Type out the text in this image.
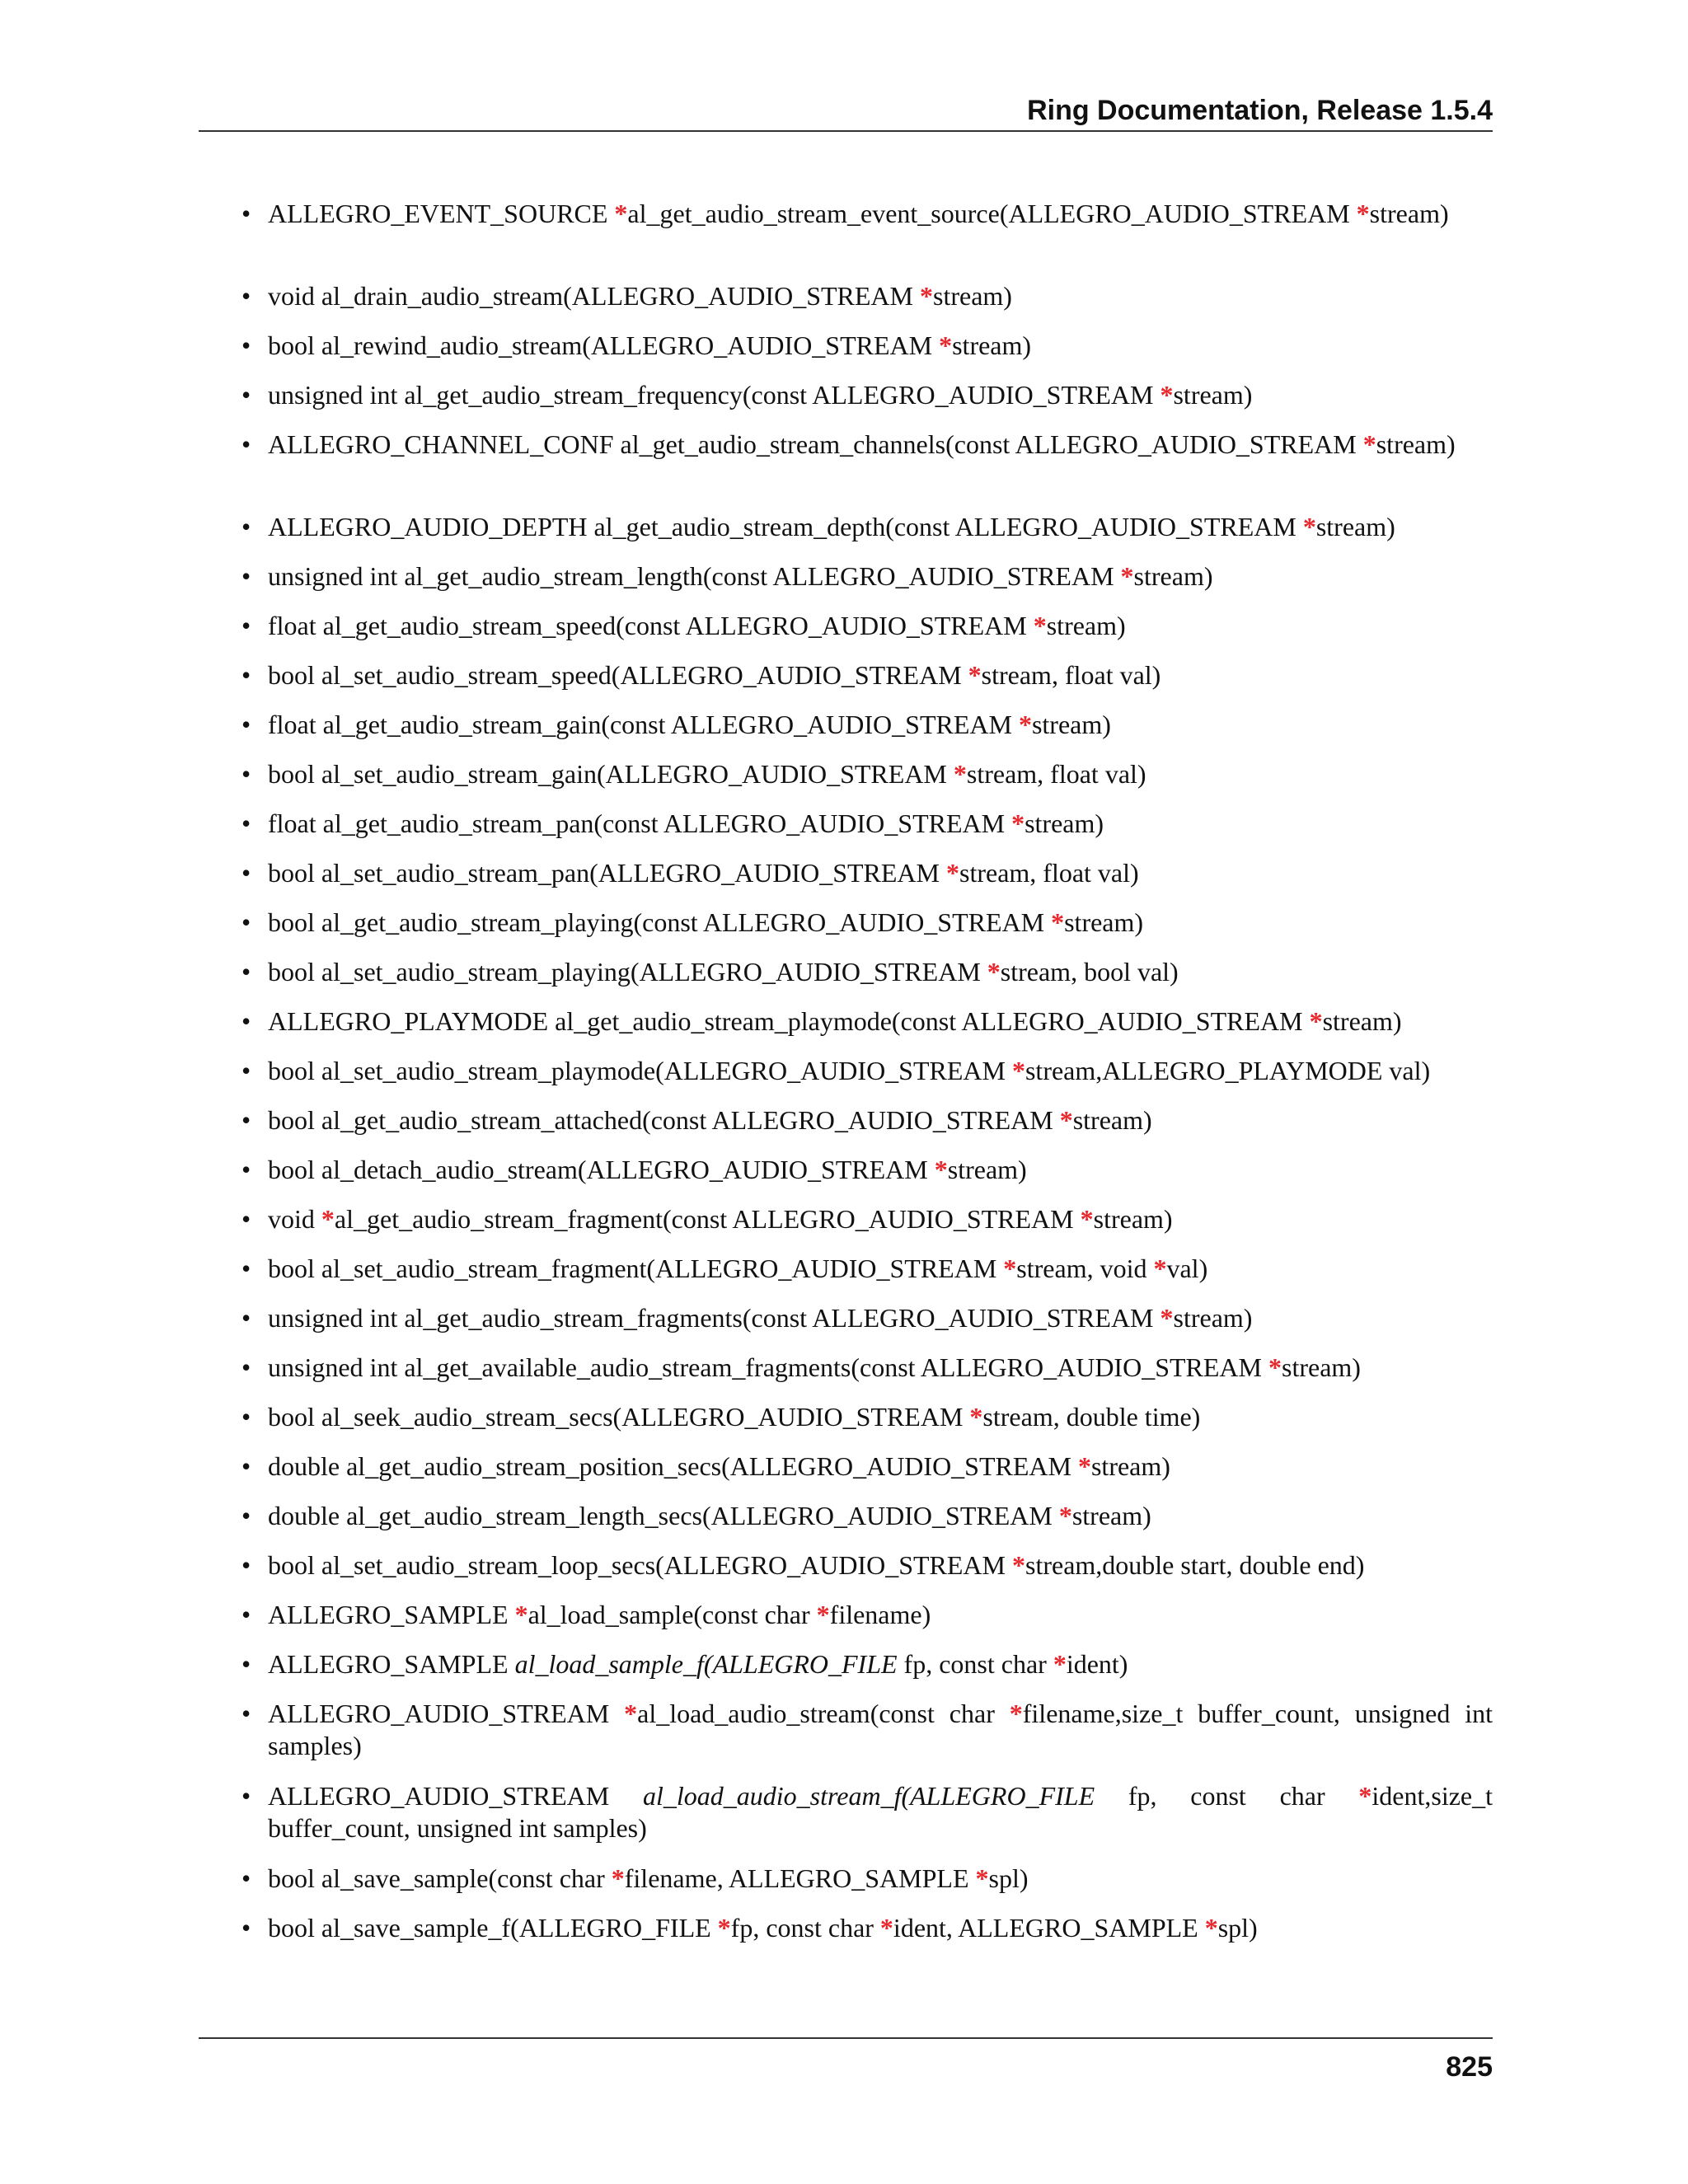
Ring Documentation, Release 1.5.4
• ALLEGRO_EVENT_SOURCE *al_get_audio_stream_event_source(ALLEGRO_AUDIO_STREAM *stream)
• void al_drain_audio_stream(ALLEGRO_AUDIO_STREAM *stream)
• bool al_rewind_audio_stream(ALLEGRO_AUDIO_STREAM *stream)
• unsigned int al_get_audio_stream_frequency(const ALLEGRO_AUDIO_STREAM *stream)
• ALLEGRO_CHANNEL_CONF al_get_audio_stream_channels(const ALLEGRO_AUDIO_STREAM *stream)
• ALLEGRO_AUDIO_DEPTH al_get_audio_stream_depth(const ALLEGRO_AUDIO_STREAM *stream)
• unsigned int al_get_audio_stream_length(const ALLEGRO_AUDIO_STREAM *stream)
• float al_get_audio_stream_speed(const ALLEGRO_AUDIO_STREAM *stream)
• bool al_set_audio_stream_speed(ALLEGRO_AUDIO_STREAM *stream, float val)
• float al_get_audio_stream_gain(const ALLEGRO_AUDIO_STREAM *stream)
• bool al_set_audio_stream_gain(ALLEGRO_AUDIO_STREAM *stream, float val)
• float al_get_audio_stream_pan(const ALLEGRO_AUDIO_STREAM *stream)
• bool al_set_audio_stream_pan(ALLEGRO_AUDIO_STREAM *stream, float val)
• bool al_get_audio_stream_playing(const ALLEGRO_AUDIO_STREAM *stream)
• bool al_set_audio_stream_playing(ALLEGRO_AUDIO_STREAM *stream, bool val)
• ALLEGRO_PLAYMODE al_get_audio_stream_playmode(const ALLEGRO_AUDIO_STREAM *stream)
• bool al_set_audio_stream_playmode(ALLEGRO_AUDIO_STREAM *stream,ALLEGRO_PLAYMODE val)
• bool al_get_audio_stream_attached(const ALLEGRO_AUDIO_STREAM *stream)
• bool al_detach_audio_stream(ALLEGRO_AUDIO_STREAM *stream)
• void *al_get_audio_stream_fragment(const ALLEGRO_AUDIO_STREAM *stream)
• bool al_set_audio_stream_fragment(ALLEGRO_AUDIO_STREAM *stream, void *val)
• unsigned int al_get_audio_stream_fragments(const ALLEGRO_AUDIO_STREAM *stream)
• unsigned int al_get_available_audio_stream_fragments(const ALLEGRO_AUDIO_STREAM *stream)
• bool al_seek_audio_stream_secs(ALLEGRO_AUDIO_STREAM *stream, double time)
• double al_get_audio_stream_position_secs(ALLEGRO_AUDIO_STREAM *stream)
• double al_get_audio_stream_length_secs(ALLEGRO_AUDIO_STREAM *stream)
• bool al_set_audio_stream_loop_secs(ALLEGRO_AUDIO_STREAM *stream,double start, double end)
• ALLEGRO_SAMPLE *al_load_sample(const char *filename)
• ALLEGRO_SAMPLE al_load_sample_f(ALLEGRO_FILE fp, const char *ident)
• ALLEGRO_AUDIO_STREAM *al_load_audio_stream(const char *filename,size_t buffer_count, unsigned int samples)
• ALLEGRO_AUDIO_STREAM al_load_audio_stream_f(ALLEGRO_FILE fp, const char *ident,size_t buffer_count, unsigned int samples)
• bool al_save_sample(const char *filename, ALLEGRO_SAMPLE *spl)
• bool al_save_sample_f(ALLEGRO_FILE *fp, const char *ident, ALLEGRO_SAMPLE *spl)
825
